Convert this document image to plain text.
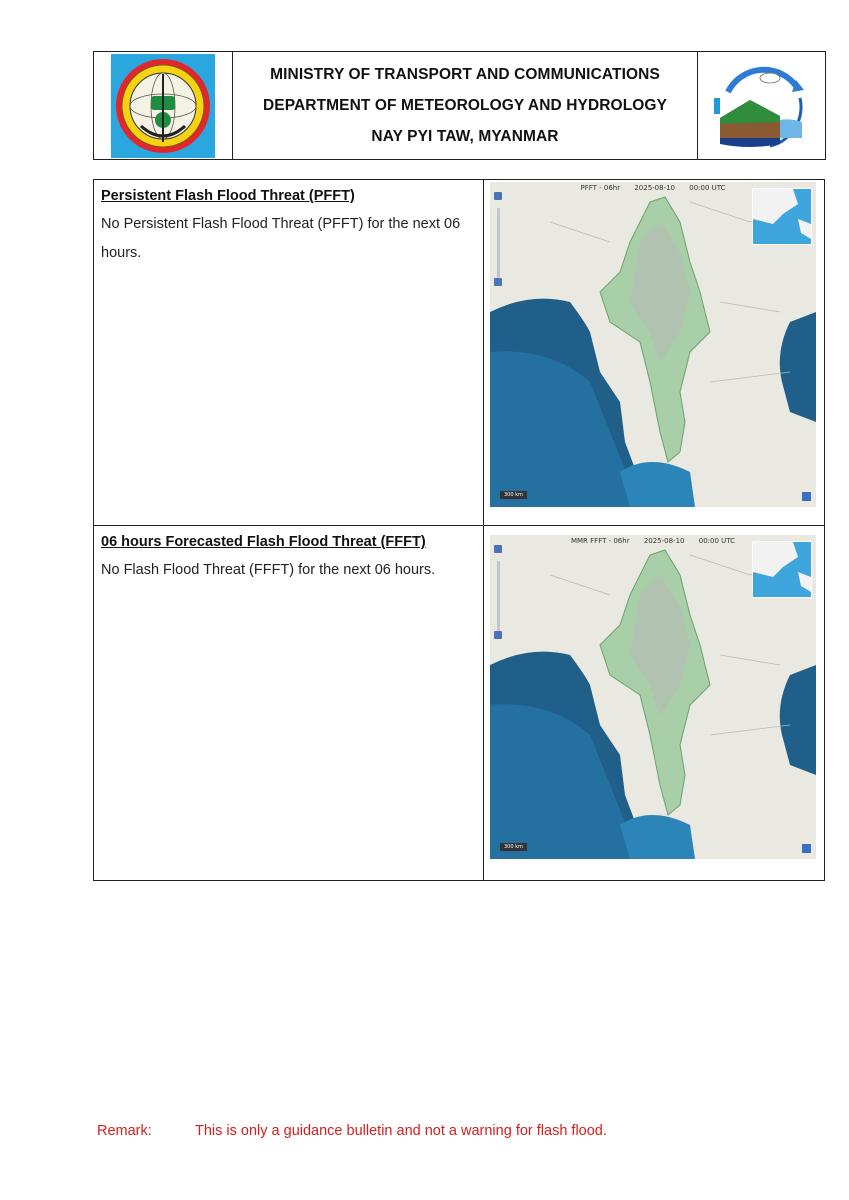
MINISTRY OF TRANSPORT AND COMMUNICATIONS
DEPARTMENT OF METEOROLOGY AND HYDROLOGY
NAY PYI TAW, MYANMAR
Persistent Flash Flood Threat (PFFT)
No Persistent Flash Flood Threat (PFFT) for the next 06 hours.
PFFT - 06hr 2025-08-10 00:00 UTC
300 km
06 hours Forecasted Flash Flood Threat (FFFT)
No Flash Flood Threat (FFFT) for the next 06 hours.
MMR FFFT - 06hr 2025-08-10 00:00 UTC
300 km
Remark:	This is only a guidance bulletin and not a warning for flash flood.
